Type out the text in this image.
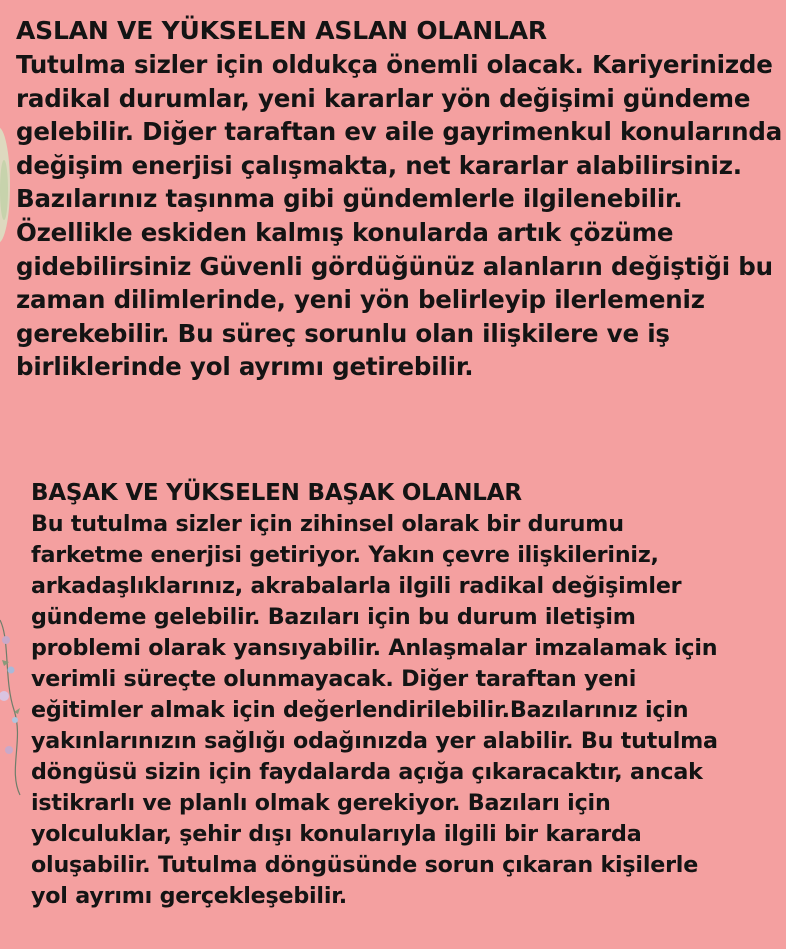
ASLAN VE YÜKSELEN ASLAN OLANLAR

Tutulma sizler için oldukça önemli olacak. Kariyerinizde
radikal durumlar, yeni kararlar yön değişimi gündeme
gelebilir. Diğer taraftan ev aile gayrimenkul konularında
değişim enerjisi çalışmakta, net kararlar alabilirsiniz.
Bazılarınız taşınma gibi gündemlerle ilgilenebilir.
Özellikle eskiden kalmış konularda artık çözüme
gidebilirsiniz Güvenli gördüğünüz alanların değiştiği bu
zaman dilimlerinde, yeni yön belirleyip ilerlemeniz
gerekebilir. Bu süreç sorunlu olan ilişkilere ve iş
birliklerinde yol ayrımı getirebilir.

BAŞAK VE YÜKSELEN BAŞAK OLANLAR

Bu tutulma sizler için zihinsel olarak bir durumu
farketme enerjisi getiriyor. Yakın çevre ilişkileriniz,
arkadaşlıklarınız, akrabalarla ilgili radikal değişimler
gündeme gelebilir. Bazıları için bu durum iletişim
problemi olarak yansıyabilir. Anlaşmalar imzalamak için
verimli süreçte olunmayacak. Diğer taraftan yeni
eğitimler almak için değerlendirilebilir.Bazılarınız için
yakınlarınızın sağlığı odağınızda yer alabilir. Bu tutulma
döngüsü sizin için faydalarda açığa çıkaracaktır, ancak
istikrarlı ve planlı olmak gerekiyor. Bazıları için
yolculuklar, şehir dışı konularıyla ilgili bir kararda
oluşabilir. Tutulma döngüsünde sorun çıkaran kişilerle
yol ayrımı gerçekleşebilir.
